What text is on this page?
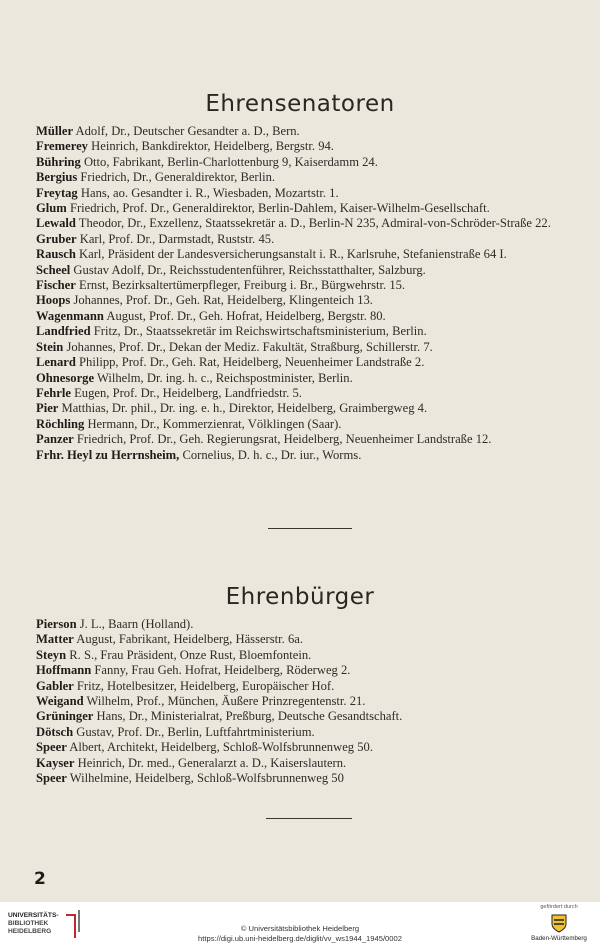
Ehrensenatoren

Müller Adolf, Dr., Deutscher Gesandter a. D., Bern.

Fremerey Heinrich, Bankdirektor, Heidelberg, Bergstr. 94.

Bühring Otto, Fabrikant, Berlin-Charlottenburg 9, Kaiserdamm 24.

Bergius Friedrich, Dr., Generaldirektor, Berlin.

Freytag Hans, ao. Gesandter i. R., Wiesbaden, Mozartstr. 1.

Glum Friedrich, Prof. Dr., Generaldirektor, Berlin-Dahlem, Kaiser-Wilhelm-Gesellschaft.

Lewald Theodor, Dr., Exzellenz, Staatssekretär a. D., Berlin-N 235, Admiral-von-Schröder-Straße 22.

Gruber Karl, Prof. Dr., Darmstadt, Ruststr. 45.

Rausch Karl, Präsident der Landesversicherungsanstalt i. R., Karlsruhe, Stefanienstraße 64 I.

Scheel Gustav Adolf, Dr., Reichsstudentenführer, Reichsstatthalter, Salzburg.

Fischer Ernst, Bezirksaltertümerpfleger, Freiburg i. Br., Bürgwehrstr. 15.

Hoops Johannes, Prof. Dr., Geh. Rat, Heidelberg, Klingenteich 13.

Wagenmann August, Prof. Dr., Geh. Hofrat, Heidelberg, Bergstr. 80.

Landfried Fritz, Dr., Staatssekretär im Reichswirtschaftsministerium, Berlin.

Stein Johannes, Prof. Dr., Dekan der Mediz. Fakultät, Straßburg, Schillerstr. 7.

Lenard Philipp, Prof. Dr., Geh. Rat, Heidelberg, Neuenheimer Landstraße 2.

Ohnesorge Wilhelm, Dr. ing. h. c., Reichspostminister, Berlin.

Fehrle Eugen, Prof. Dr., Heidelberg, Landfriedstr. 5.

Pier Matthias, Dr. phil., Dr. ing. e. h., Direktor, Heidelberg, Graimbergweg 4.

Röchling Hermann, Dr., Kommerzienrat, Völklingen (Saar).

Panzer Friedrich, Prof. Dr., Geh. Regierungsrat, Heidelberg, Neuenheimer Landstraße 12.

Frhr. Heyl zu Herrnsheim, Cornelius, D. h. c., Dr. iur., Worms.

Ehrenbürger

Pierson J. L., Baarn (Holland).

Matter August, Fabrikant, Heidelberg, Hässerstr. 6a.

Steyn R. S., Frau Präsident, Onze Rust, Bloemfontein.

Hoffmann Fanny, Frau Geh. Hofrat, Heidelberg, Röderweg 2.

Gabler Fritz, Hotelbesitzer, Heidelberg, Europäischer Hof.

Weigand Wilhelm, Prof., München, Äußere Prinzregentenstr. 21.

Grüninger Hans, Dr., Ministerialrat, Preßburg, Deutsche Gesandtschaft.

Dötsch Gustav, Prof. Dr., Berlin, Luftfahrtministerium.

Speer Albert, Architekt, Heidelberg, Schloß-Wolfsbrunnenweg 50.

Kayser Heinrich, Dr. med., Generalarzt a. D., Kaiserslautern.

Speer Wilhelmine, Heidelberg, Schloß-Wolfsbrunnenweg 50

2
UNIVERSITÄTS-
BIBLIOTHEK
HEIDELBERG	© Universitätsbibliothek Heidelberg
https://digi.ub.uni-heidelberg.de/diglit/vv_ws1944_1945/0002
gefördert durch
Baden-Württemberg
